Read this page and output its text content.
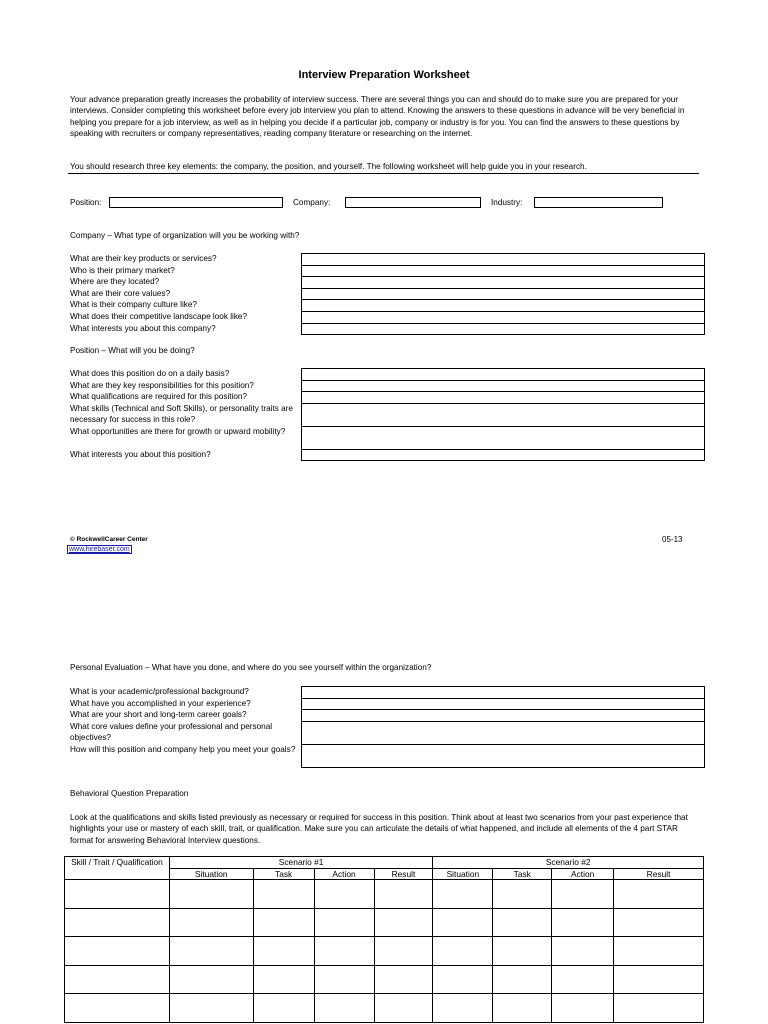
Interview Preparation Worksheet
Your advance preparation greatly increases the probability of interview success. There are several things you can and should do to make sure you are prepared for your interviews. Consider completing this worksheet before every job interview you plan to attend. Knowing the answers to these questions in advance will be very beneficial in helping you prepare for a job interview, as well as in helping you decide if a particular job, company or industry is for you. You can find the answers to these questions by speaking with recruiters or company representatives, reading company literature or researching on the internet.
You should research three key elements: the company, the position, and yourself. The following worksheet will help guide you in your research.
Position:	Company:	Industry:
Company – What type of organization will you be working with?
What are their key products or services?
Who is their primary market?
Where are they located?
What are their core values?
What is their company culture like?
What does their competitive landscape look like?
What interests you about this company?
Position – What will you be doing?
What does this position do on a daily basis?
What are they key responsibilities for this position?
What qualifications are required for this position?
What skills (Technical and Soft Skills), or personality traits are necessary for success in this role?
What opportunities are there for growth or upward mobility?
What interests you about this position?
© RockwellCareer Center
www.hirebaser.com
05-13
Personal Evaluation – What have you done, and where do you see yourself within the organization?
What is your academic/professional background?
What have you accomplished in your experience?
What are your short and long-term career goals?
What core values define your professional and personal objectives?
How will this position and company help you meet your goals?
Behavioral Question Preparation
Look at the qualifications and skills listed previously as necessary or required for success in this position. Think about at least two scenarios from your past experience that highlights your use or mastery of each skill, trait, or qualification. Make sure you can articulate the details of what happened, and include all elements of the 4 part STAR format for answering Behavioral Interview questions.
Skill / Trait / Qualification	Scenario #1				Scenario #2			
	Situation	Task	Action	Result	Situation	Task	Action	Result
